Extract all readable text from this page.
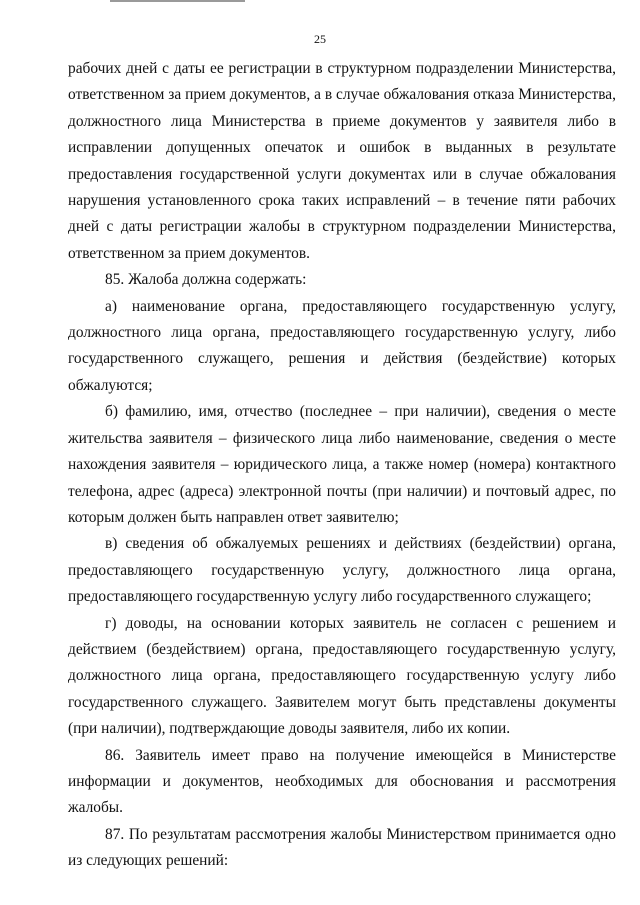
25

рабочих дней с даты ее регистрации в структурном подразделении Министерства, ответственном за прием документов, а в случае обжалования отказа Министерства, должностного лица Министерства в приеме документов у заявителя либо в исправлении допущенных опечаток и ошибок в выданных в результате предоставления государственной услуги документах или в случае обжалования нарушения установленного срока таких исправлений – в течение пяти рабочих дней с даты регистрации жалобы в структурном подразделении Министерства, ответственном за прием документов.

85. Жалоба должна содержать:

а) наименование органа, предоставляющего государственную услугу, должностного лица органа, предоставляющего государственную услугу, либо государственного служащего, решения и действия (бездействие) которых обжалуются;

б) фамилию, имя, отчество (последнее – при наличии), сведения о месте жительства заявителя – физического лица либо наименование, сведения о месте нахождения заявителя – юридического лица, а также номер (номера) контактного телефона, адрес (адреса) электронной почты (при наличии) и почтовый адрес, по которым должен быть направлен ответ заявителю;

в) сведения об обжалуемых решениях и действиях (бездействии) органа, предоставляющего государственную услугу, должностного лица органа, предоставляющего государственную услугу либо государственного служащего;

г) доводы, на основании которых заявитель не согласен с решением и действием (бездействием) органа, предоставляющего государственную услугу, должностного лица органа, предоставляющего государственную услугу либо государственного служащего. Заявителем могут быть представлены документы (при наличии), подтверждающие доводы заявителя, либо их копии.

86. Заявитель имеет право на получение имеющейся в Министерстве информации и документов, необходимых для обоснования и рассмотрения жалобы.

87. По результатам рассмотрения жалобы Министерством принимается одно из следующих решений:
